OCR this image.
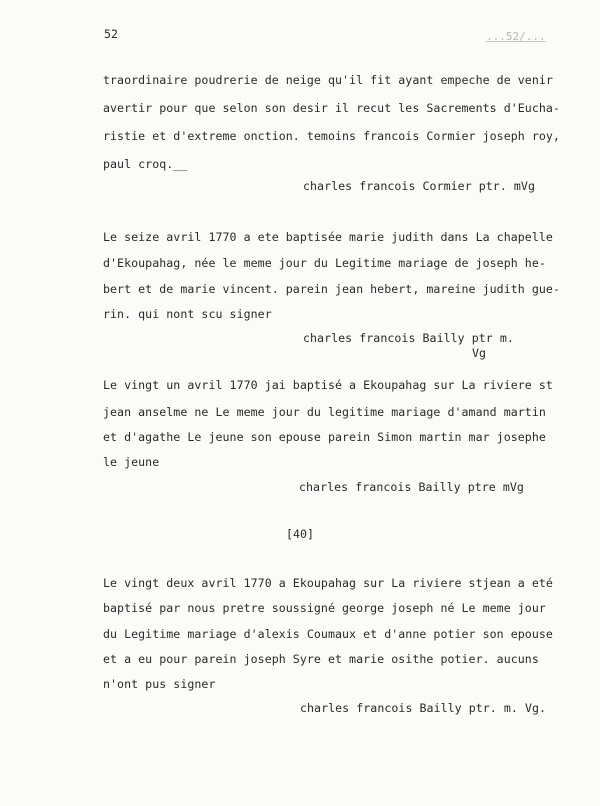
52	...52/...
traordinaire poudrerie de neige qu'il fit ayant empeche de venir
avertir pour que selon son desir il recut les Sacrements d'Eucha-
ristie et d'extreme onction. temoins francois Cormier joseph roy,
paul croq.__
charles francois Cormier ptr. mVg
Le seize avril 1770 a ete baptisée marie judith dans La chapelle
d'Ekoupahag, née le meme jour du Legitime mariage de joseph he-
bert et de marie vincent. parein jean hebert, mareine judith gue-
rin. qui nont scu signer
charles francois Bailly ptr m.
Vg
Le vingt un avril 1770 jai baptisé a Ekoupahag sur La riviere st
jean anselme ne Le meme jour du legitime mariage d'amand martin
et d'agathe Le jeune son epouse parein Simon martin mar josephe
le jeune
charles francois Bailly ptre mVg
[40]
Le vingt deux avril 1770 a Ekoupahag sur La riviere stjean a eté
baptisé par nous pretre soussigné george joseph né Le meme jour
du Legitime mariage d'alexis Coumaux et d'anne potier son epouse
et a eu pour parein joseph Syre et marie osithe potier. aucuns
n'ont pus signer
charles francois Bailly ptr. m. Vg.
